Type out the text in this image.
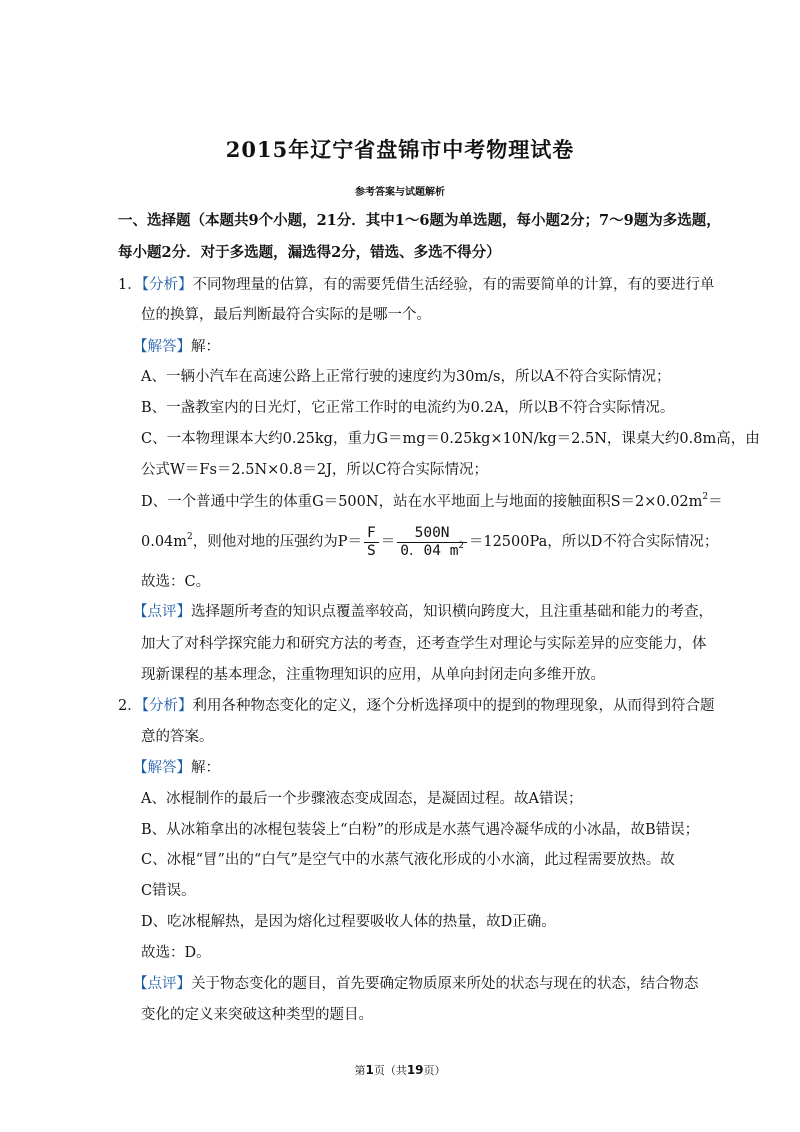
2015年辽宁省盘锦市中考物理试卷
参考答案与试题解析
一、选择题（本题共9个小题，21分．其中1～6题为单选题，每小题2分；7～9题为多选题，
每小题2分．对于多选题，漏选得2分，错选、多选不得分）
1．【分析】不同物理量的估算，有的需要凭借生活经验，有的需要简单的计算，有的要进行单
位的换算，最后判断最符合实际的是哪一个。
【解答】解：
A、一辆小汽车在高速公路上正常行驶的速度约为30m/s，所以A不符合实际情况；
B、一盏教室内的日光灯，它正常工作时的电流约为0.2A，所以B不符合实际情况。
C、一本物理课本大约0.25kg，重力G＝mg＝0.25kg×10N/kg＝2.5N，课桌大约0.8m高，由
公式W＝Fs＝2.5N×0.8＝2J，所以C符合实际情况；
D、一个普通中学生的体重G＝500N，站在水平地面上与地面的接触面积$S=2\times 0.02m^2=$
$0.04m^2$，则他对地的压强约为$P= \frac{F}{S} = \frac{500N}{0.04 m^2} =12500Pa$，所以D不符合实际情况；
故选：C。
【点评】选择题所考查的知识点覆盖率较高，知识横向跨度大，且注重基础和能力的考查，
加大了对科学探究能力和研究方法的考查，还考查学生对理论与实际差异的应变能力，体
现新课程的基本理念，注重物理知识的应用，从单向封闭走向多维开放。
2．【分析】利用各种物态变化的定义，逐个分析选择项中的提到的物理现象，从而得到符合题
意的答案。
【解答】解：
A、冰棍制作的最后一个步骤液态变成固态，是凝固过程。故A错误；
B、从冰箱拿出的冰棍包装袋上“白粉”的形成是水蒸气遇冷凝华成的小冰晶，故B错误；
C、冰棍“冒”出的“白气”是空气中的水蒸气液化形成的小水滴，此过程需要放热。故
C错误。
D、吃冰棍解热，是因为熔化过程要吸收人体的热量，故D正确。
故选：D。
【点评】关于物态变化的题目，首先要确定物质原来所处的状态与现在的状态，结合物态
变化的定义来突破这种类型的题目。
第1页（共19页）
